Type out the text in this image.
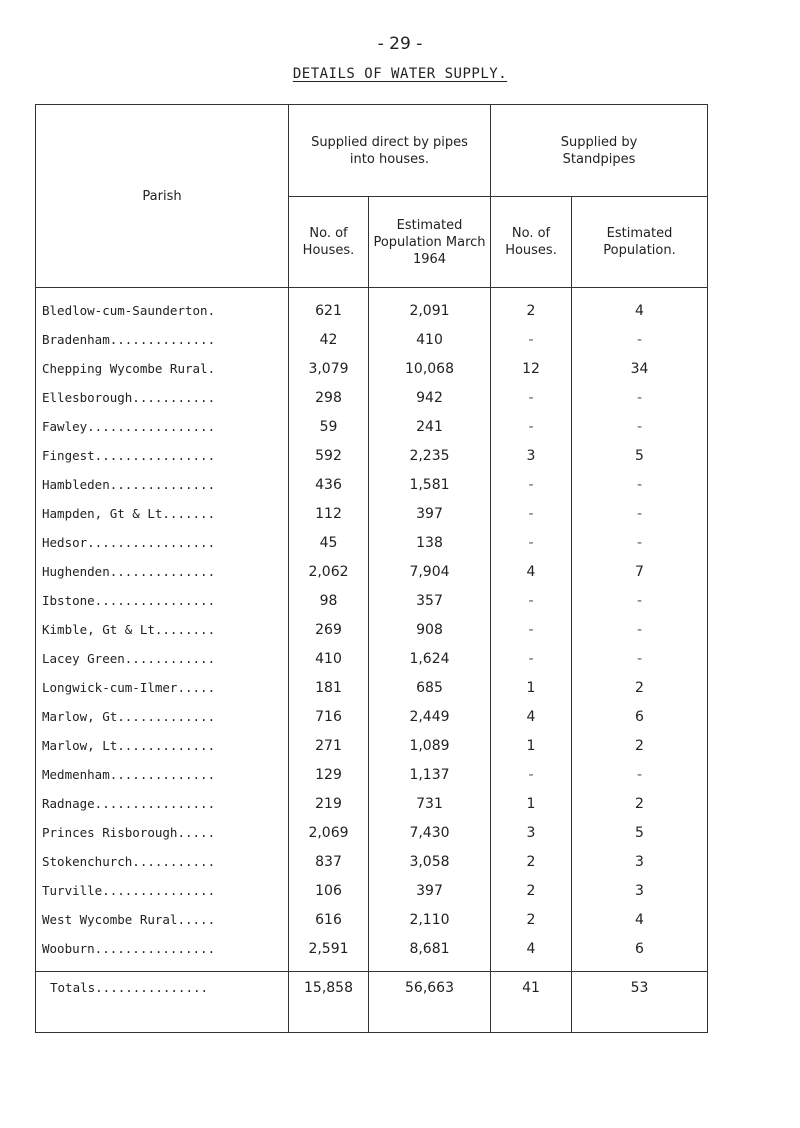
- 29 -
DETAILS OF WATER SUPPLY.
Parish	Supplied direct by pipes into houses.		Supplied by Standpipes	
	No. of Houses.	Estimated Population March 1964	No. of Houses.	Estimated Population.
Bledlow-cum-Saunderton.	621	2,091	2	4
Bradenham..............	42	410	-	-
Chepping Wycombe Rural.	3,079	10,068	12	34
Ellesborough...........	298	942	-	-
Fawley.................	59	241	-	-
Fingest................	592	2,235	3	5
Hambleden..............	436	1,581	-	-
Hampden, Gt & Lt.......	112	397	-	-
Hedsor.................	45	138	-	-
Hughenden..............	2,062	7,904	4	7
Ibstone................	98	357	-	-
Kimble, Gt & Lt........	269	908	-	-
Lacey Green............	410	1,624	-	-
Longwick-cum-Ilmer.....	181	685	1	2
Marlow, Gt.............	716	2,449	4	6
Marlow, Lt.............	271	1,089	1	2
Medmenham..............	129	1,137	-	-
Radnage................	219	731	1	2
Princes Risborough.....	2,069	7,430	3	5
Stokenchurch...........	837	3,058	2	3
Turville...............	106	397	2	3
West Wycombe Rural.....	616	2,110	2	4
Wooburn................	2,591	8,681	4	6
Totals...............	15,858	56,663	41	53
